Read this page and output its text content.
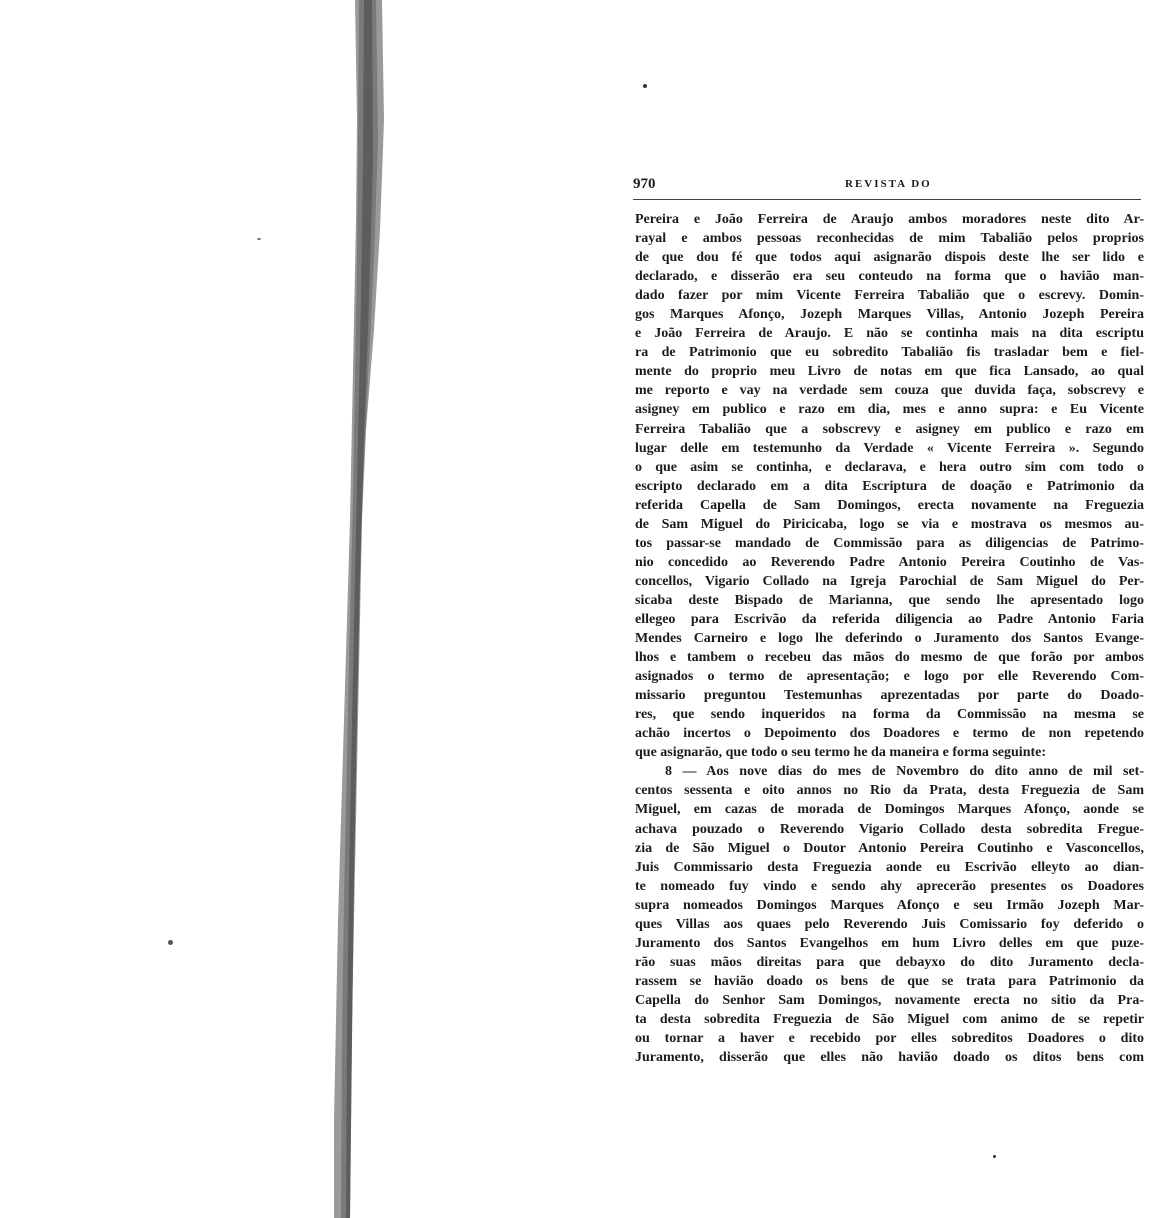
970	REVISTA DO
Pereira e João Ferreira de Araujo ambos moradores neste dito Ar-
rayal e ambos pessoas reconhecidas de mim Tabalião pelos proprios
de que dou fé que todos aqui asignarão dispois deste lhe ser lido e
declarado, e disserão era seu conteudo na forma que o havião man-
dado fazer por mim Vicente Ferreira Tabalião que o escrevy. Domin-
gos Marques Afonço, Jozeph Marques Villas, Antonio Jozeph Pereira
e João Ferreira de Araujo. E não se continha mais na dita escriptu
ra de Patrimonio que eu sobredito Tabalião fis trasladar bem e fiel-
mente do proprio meu Livro de notas em que fica Lansado, ao qual
me reporto e vay na verdade sem couza que duvida faça, sobscrevy e
asigney em publico e razo em dia, mes e anno supra: e Eu Vicente
Ferreira Tabalião que a sobscrevy e asigney em publico e razo em
lugar delle em testemunho da Verdade « Vicente Ferreira ». Segundo
o que asim se continha, e declarava, e hera outro sim com todo o
escripto declarado em a dita Escriptura de doação e Patrimonio da
referida Capella de Sam Domingos, erecta novamente na Freguezia
de Sam Miguel do Piricicaba, logo se via e mostrava os mesmos au-
tos passar-se mandado de Commissão para as diligencias de Patrimo-
nio concedido ao Reverendo Padre Antonio Pereira Coutinho de Vas-
concellos, Vigario Collado na Igreja Parochial de Sam Miguel do Per-
sicaba deste Bispado de Marianna, que sendo lhe apresentado logo
ellegeo para Escrivão da referida diligencia ao Padre Antonio Faria
Mendes Carneiro e logo lhe deferindo o Juramento dos Santos Evange-
lhos e tambem o recebeu das mãos do mesmo de que forão por ambos
asignados o termo de apresentação; e logo por elle Reverendo Com-
missario preguntou Testemunhas aprezentadas por parte do Doado-
res, que sendo inqueridos na forma da Commissão na mesma se
achão incertos o Depoimento dos Doadores e termo de non repetendo
que asignarão, que todo o seu termo he da maneira e forma seguinte:
8 — Aos nove dias do mes de Novembro do dito anno de mil set-
centos sessenta e oito annos no Rio da Prata, desta Freguezia de Sam
Miguel, em cazas de morada de Domingos Marques Afonço, aonde se
achava pouzado o Reverendo Vigario Collado desta sobredita Fregue-
zia de São Miguel o Doutor Antonio Pereira Coutinho e Vasconcellos,
Juis Commissario desta Freguezia aonde eu Escrivão elleyto ao dian-
te nomeado fuy vindo e sendo ahy aprecerão presentes os Doadores
supra nomeados Domingos Marques Afonço e seu Irmão Jozeph Mar-
ques Villas aos quaes pelo Reverendo Juis Comissario foy deferido o
Juramento dos Santos Evangelhos em hum Livro delles em que puze-
rão suas mãos direitas para que debayxo do dito Juramento decla-
rassem se havião doado os bens de que se trata para Patrimonio da
Capella do Senhor Sam Domingos, novamente erecta no sitio da Pra-
ta desta sobredita Freguezia de São Miguel com animo de se repetir
ou tornar a haver e recebido por elles sobreditos Doadores o dito
Juramento, disserão que elles não havião doado os ditos bens com
